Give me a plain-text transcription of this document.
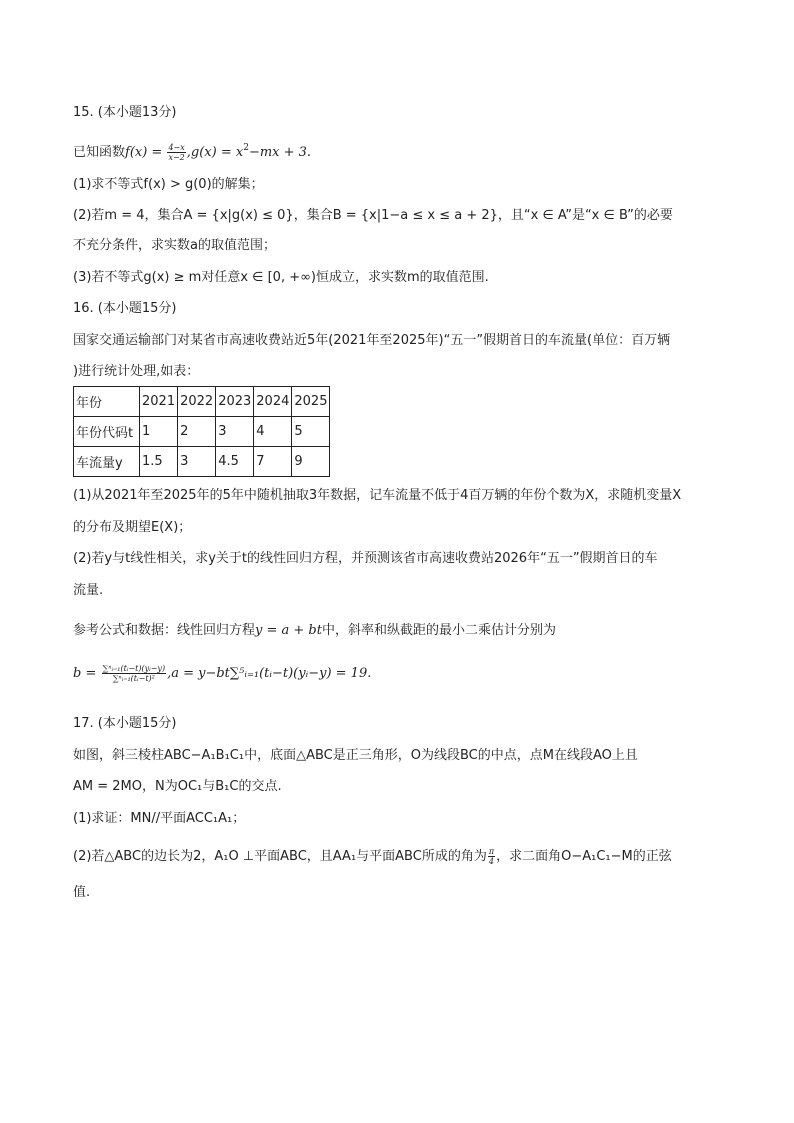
15. (本小题13分)
已知函数$f(x) = \frac{4-x}{x-2} ,g(x) = x^2-mx + 3$.
(1)求不等式f(x) > g(0)的解集；
(2)若m = 4，集合A = {x|g(x) ≤ 0}，集合B = {x|1−a ≤ x ≤ a + 2}，且“x ∈ A”是“x ∈ B”的必要
不充分条件，求实数a的取值范围；
(3)若不等式g(x) ≥ m对任意x ∈ [0, +∞)恒成立，求实数m的取值范围.
16. (本小题15分)
国家交通运输部门对某省市高速收费站近5年(2021年至2025年)“五一”假期首日的车流量(单位：百万辆
)进行统计处理,如表：
年份	2021	2022	2023	2024	2025
年份代码t	1	2	3	4	5
车流量y	1.5	3	4.5	7	9
(1)从2021年至2025年的5年中随机抽取3年数据，记车流量不低于4百万辆的年份个数为X，求随机变量X
的分布及期望E(X)；
(2)若y与t线性相关，求y关于t的线性回归方程，并预测该省市高速收费站2026年“五一”假期首日的车
流量.
参考公式和数据：线性回归方程y = a + bt中，斜率和纵截距的最小二乘估计分别为
$b = \frac{\text{∑ⁿᵢ₌₁(tᵢ−t)(yᵢ−y)}}{\text{∑ⁿᵢ₌₁(tᵢ−t)²}} ,a$ = y−bt∑⁵ᵢ₌₁(tᵢ−t)(yᵢ−y) = 19.
17. (本小题15分)
如图，斜三棱柱ABC−A₁B₁C₁中，底面△ABC是正三角形，O为线段BC的中点，点M在线段AO上且
AM = 2MO，N为OC₁与B₁C的交点.
(1)求证：MN//平面ACC₁A₁；
(2)若△ABC的边长为2，A₁O ⊥平面ABC，且AA₁与平面ABC所成的角为 $\frac{\pi}{4}$ ，求二面角O−A₁C₁−M的正弦
值.
